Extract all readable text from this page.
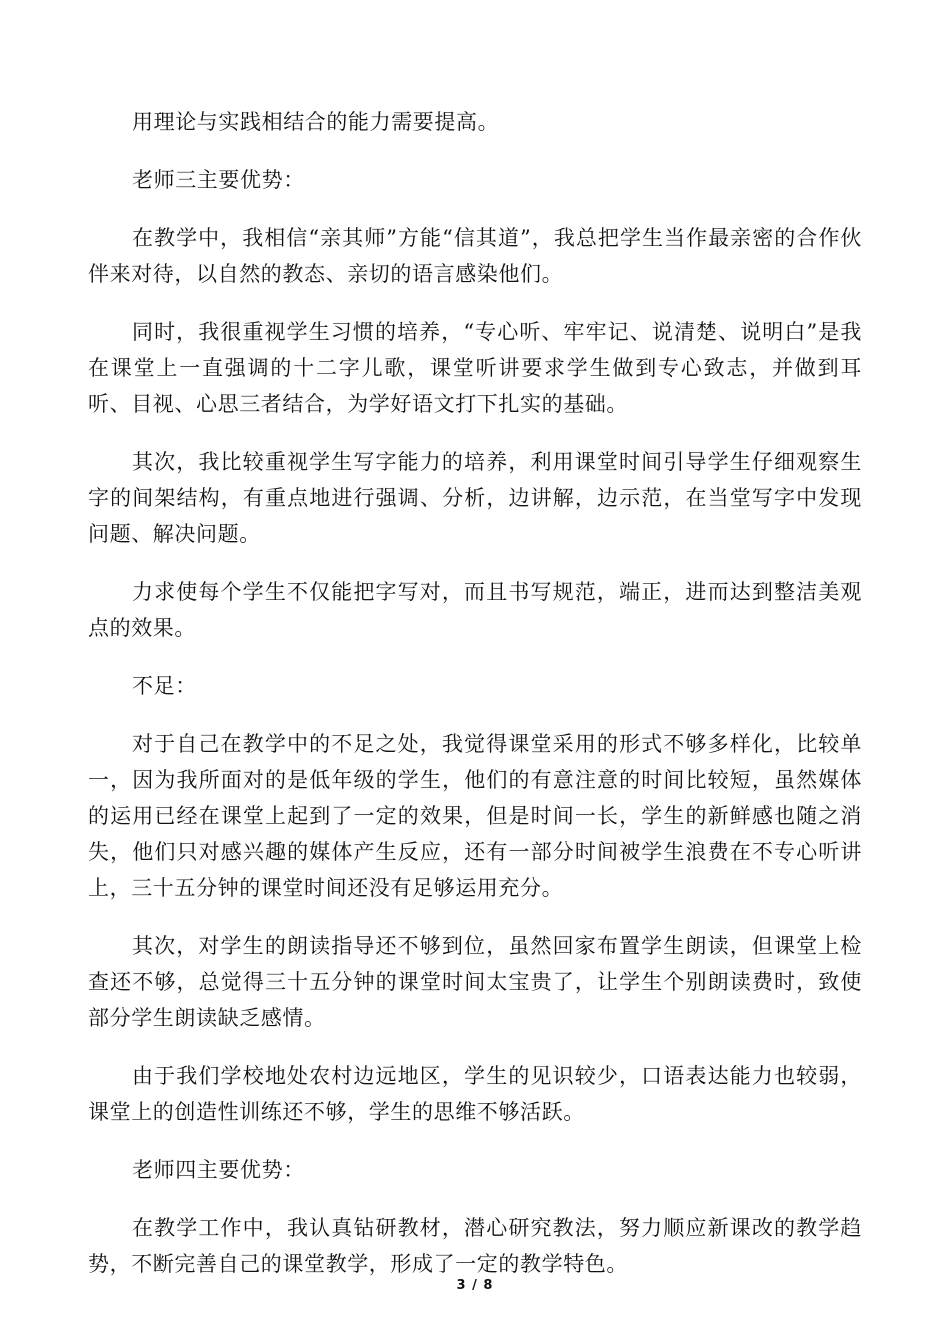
用理论与实践相结合的能力需要提高。

老师三主要优势：

在教学中，我相信“亲其师”方能“信其道”，我总把学生当作最亲密的合作伙伴来对待，以自然的教态、亲切的语言感染他们。

同时，我很重视学生习惯的培养，“专心听、牢牢记、说清楚、说明白”是我在课堂上一直强调的十二字儿歌，课堂听讲要求学生做到专心致志，并做到耳听、目视、心思三者结合，为学好语文打下扎实的基础。

其次，我比较重视学生写字能力的培养，利用课堂时间引导学生仔细观察生字的间架结构，有重点地进行强调、分析，边讲解，边示范，在当堂写字中发现问题、解决问题。

力求使每个学生不仅能把字写对，而且书写规范，端正，进而达到整洁美观点的效果。

不足：

对于自己在教学中的不足之处，我觉得课堂采用的形式不够多样化，比较单一，因为我所面对的是低年级的学生，他们的有意注意的时间比较短，虽然媒体的运用已经在课堂上起到了一定的效果，但是时间一长，学生的新鲜感也随之消失，他们只对感兴趣的媒体产生反应，还有一部分时间被学生浪费在不专心听讲上，三十五分钟的课堂时间还没有足够运用充分。

其次，对学生的朗读指导还不够到位，虽然回家布置学生朗读，但课堂上检查还不够，总觉得三十五分钟的课堂时间太宝贵了，让学生个别朗读费时，致使部分学生朗读缺乏感情。

由于我们学校地处农村边远地区，学生的见识较少，口语表达能力也较弱，课堂上的创造性训练还不够，学生的思维不够活跃。

老师四主要优势：

在教学工作中，我认真钻研教材，潜心研究教法，努力顺应新课改的教学趋势，不断完善自己的课堂教学，形成了一定的教学特色。

3 / 8
